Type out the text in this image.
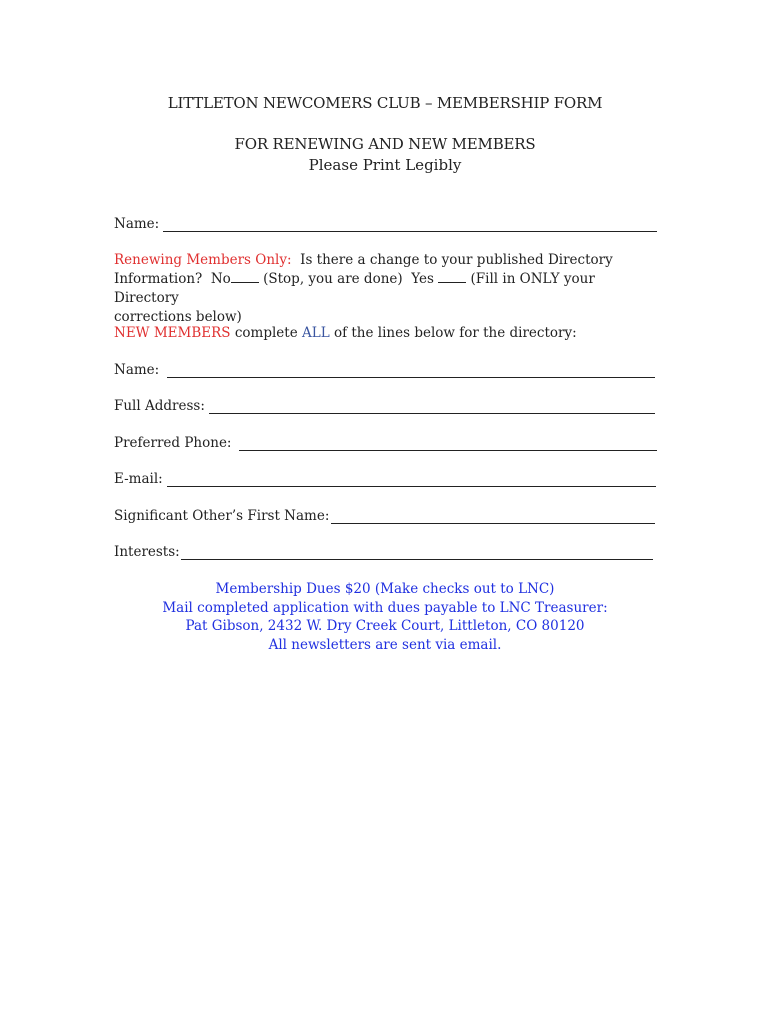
LITTLETON NEWCOMERS CLUB – MEMBERSHIP FORM
FOR RENEWING AND NEW MEMBERS
Please Print Legibly
Name:
Renewing Members Only: Is there a change to your published Directory
Information? No (Stop, you are done) Yes	(Fill in ONLY your Directory
corrections below)
NEW MEMBERS complete ALL of the lines below for the directory:
Name:
Full Address:
Preferred Phone:
E-mail:
Significant Other’s First Name:
Interests:
Membership Dues $20 (Make checks out to LNC)
Mail completed application with dues payable to LNC Treasurer:
Pat Gibson, 2432 W. Dry Creek Court, Littleton, CO 80120
All newsletters are sent via email.
